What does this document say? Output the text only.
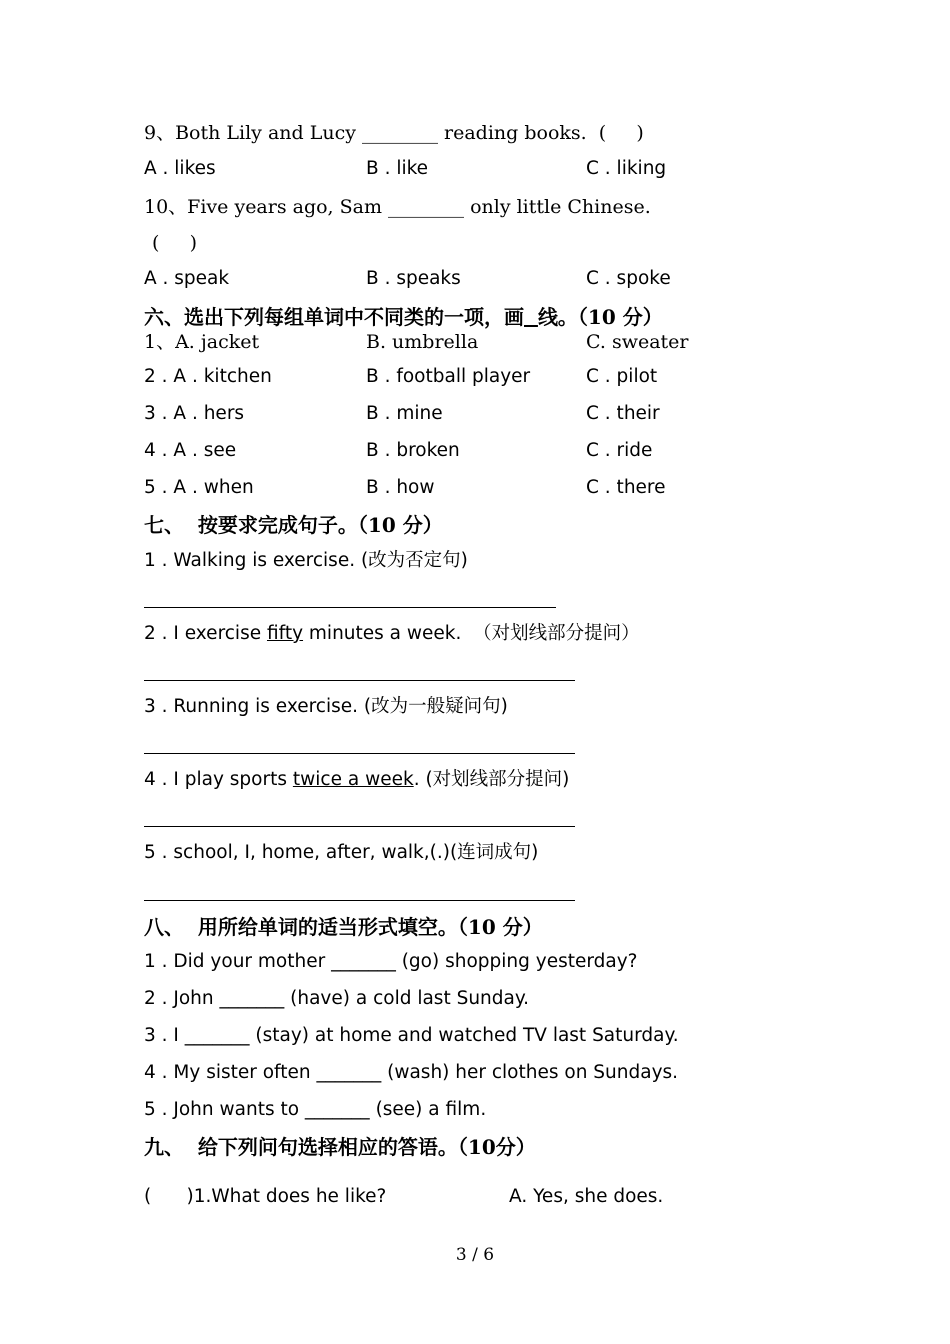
9、Both Lily and Lucy ________ reading books.  (     )
A . likes	B . like	C . liking
10、Five years ago, Sam ________ only little Chinese.
(     )
A . speak	B . speaks	C . spoke
六、选出下列每组单词中不同类的一项，画 线。（10 分）
1、A. jacket	B. umbrella	C. sweater
2 . A . kitchen	B . football player	C . pilot
3 . A . hers	B . mine	C . their
4 . A . see	B . broken	C . ride
5 . A . when	B . how	C . there
七、  按要求完成句子。（10 分）
1 . Walking is exercise. (改为否定句)
2 . I exercise fifty minutes a week.  （对划线部分提问）
3 . Running is exercise. (改为一般疑问句)
4 . I play sports twice a week. (对划线部分提问)
5 . school, I, home, after, walk,(.)(连词成句)
八、  用所给单词的适当形式填空。（10 分）
1 . Did your mother _______ (go) shopping yesterday?
2 . John _______ (have) a cold last Sunday.
3 . I _______ (stay) at home and watched TV last Saturday.
4 . My sister often _______ (wash) her clothes on Sundays.
5 . John wants to _______ (see) a film.
九、  给下列问句选择相应的答语。（10分）
(      )1.What does he like?	A. Yes, she does.
3 / 6
